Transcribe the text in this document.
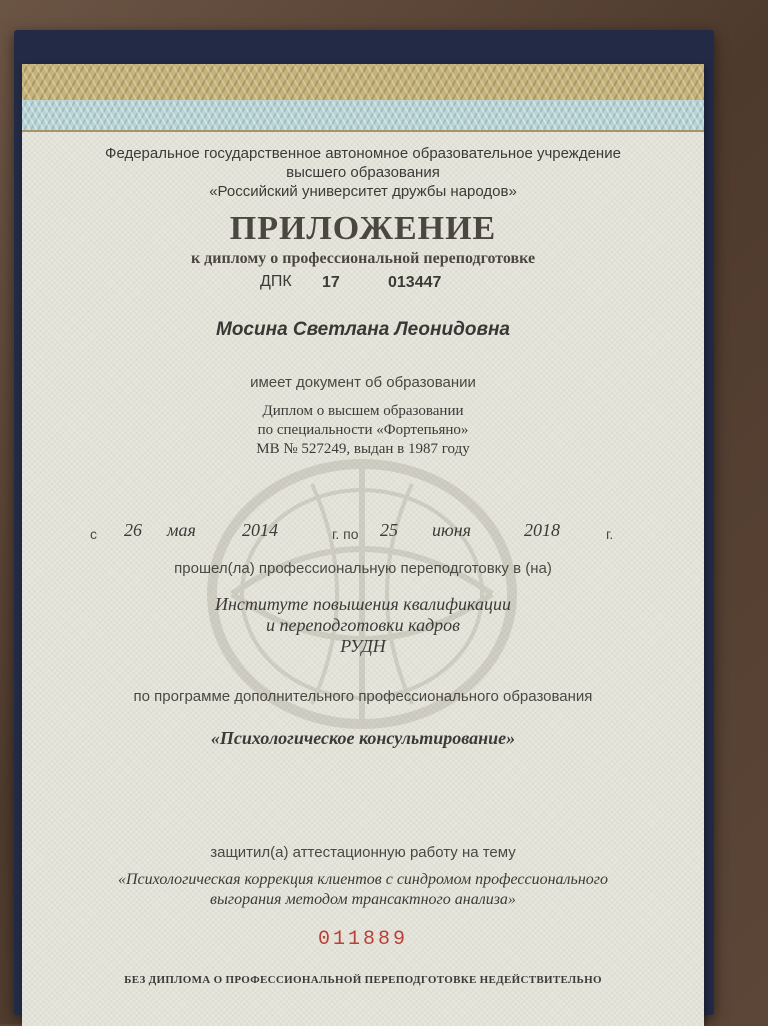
Федеральное государственное автономное образовательное учреждение
высшего образования
«Российский университет дружбы народов»
ПРИЛОЖЕНИЕ
к диплому о профессиональной переподготовке
ДПК 17	013447
Мосина Светлана Леонидовна
имеет документ об образовании
Диплом о высшем образовании
по специальности «Фортепьяно»
МВ № 527249, выдан в 1987 году
с 26 мая	2014	г. по 25 июня	2018	г.
прошел(ла) профессиональную переподготовку в (на)
Институте повышения квалификации
и переподготовки кадров
РУДН
по программе дополнительного профессионального образования
«Психологическое консультирование»
защитил(а) аттестационную работу на тему
«Психологическая коррекция клиентов с синдромом профессионального
выгорания методом трансактного анализа»
011889
БЕЗ ДИПЛОМА О ПРОФЕССИОНАЛЬНОЙ ПЕРЕПОДГОТОВКЕ НЕДЕЙСТВИТЕЛЬНО
